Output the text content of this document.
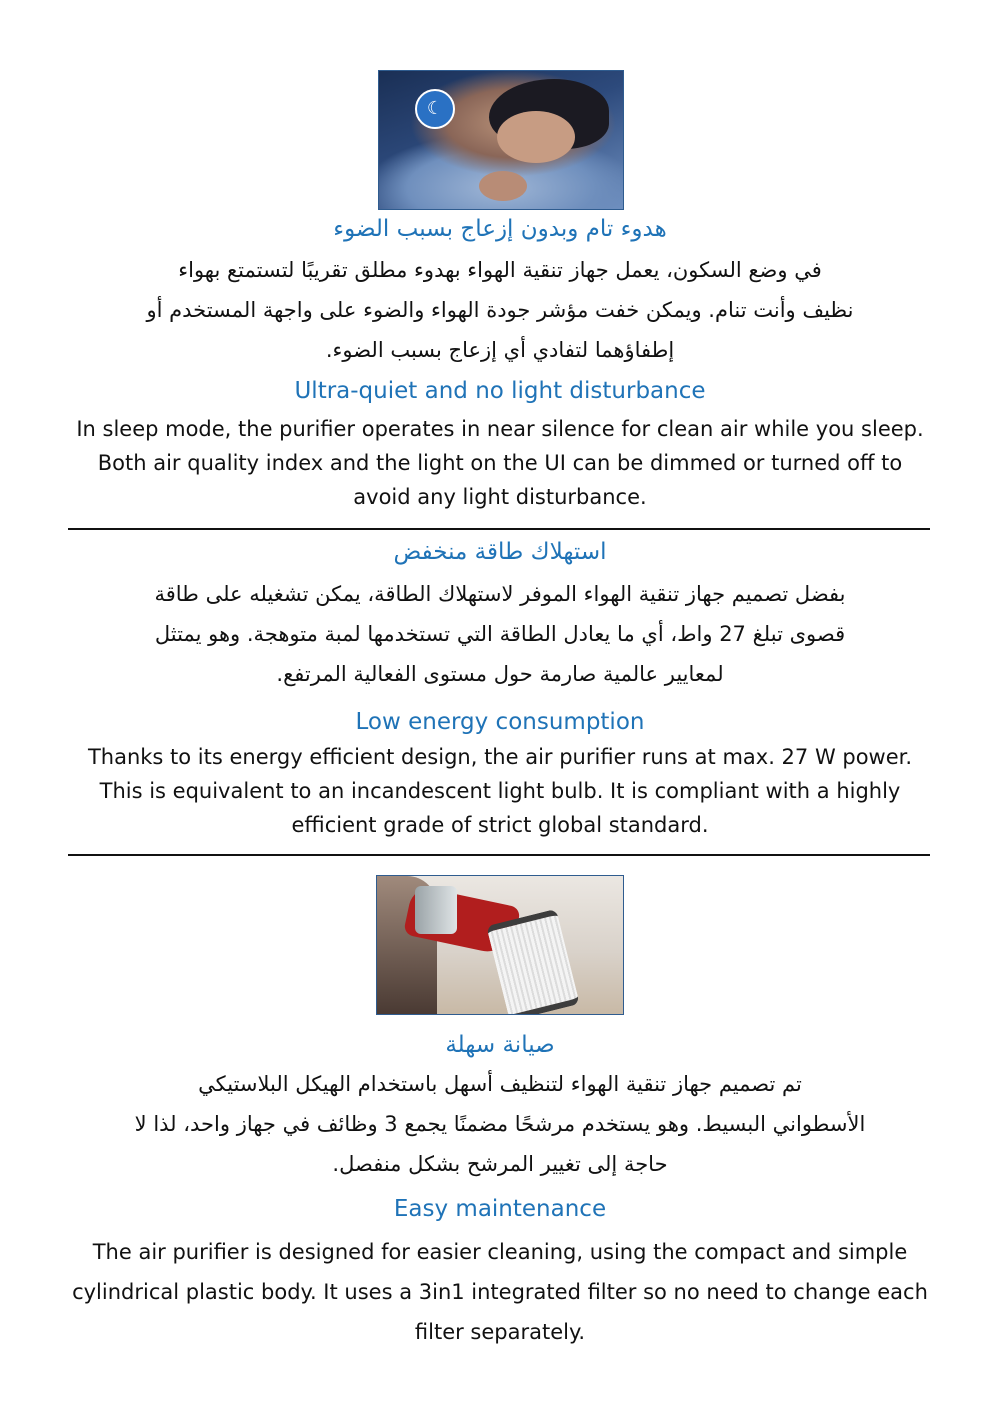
☾
هدوء تام وبدون إزعاج بسبب الضوء
في وضع السكون، يعمل جهاز تنقية الهواء بهدوء مطلق تقريبًا لتستمتع بهواء
نظيف وأنت تنام. ويمكن خفت مؤشر جودة الهواء والضوء على واجهة المستخدم أو
إطفاؤهما لتفادي أي إزعاج بسبب الضوء.
Ultra-quiet and no light disturbance
In sleep mode, the purifier operates in near silence for clean air while you sleep.
Both air quality index and the light on the UI can be dimmed or turned off to
avoid any light disturbance.
استهلاك طاقة منخفض
بفضل تصميم جهاز تنقية الهواء الموفر لاستهلاك الطاقة، يمكن تشغيله على طاقة
قصوى تبلغ 27 واط، أي ما يعادل الطاقة التي تستخدمها لمبة متوهجة. وهو يمتثل
لمعايير عالمية صارمة حول مستوى الفعالية المرتفع.
Low energy consumption
Thanks to its energy efficient design, the air purifier runs at max. 27 W power.
This is equivalent to an incandescent light bulb. It is compliant with a highly
efficient grade of strict global standard.
صيانة سهلة
تم تصميم جهاز تنقية الهواء لتنظيف أسهل باستخدام الهيكل البلاستيكي
الأسطواني البسيط. وهو يستخدم مرشحًا مضمنًا يجمع 3 وظائف في جهاز واحد، لذا لا
حاجة إلى تغيير المرشح بشكل منفصل.
Easy maintenance
The air purifier is designed for easier cleaning, using the compact and simple
cylindrical plastic body. It uses a 3in1 integrated filter so no need to change each
filter separately.
